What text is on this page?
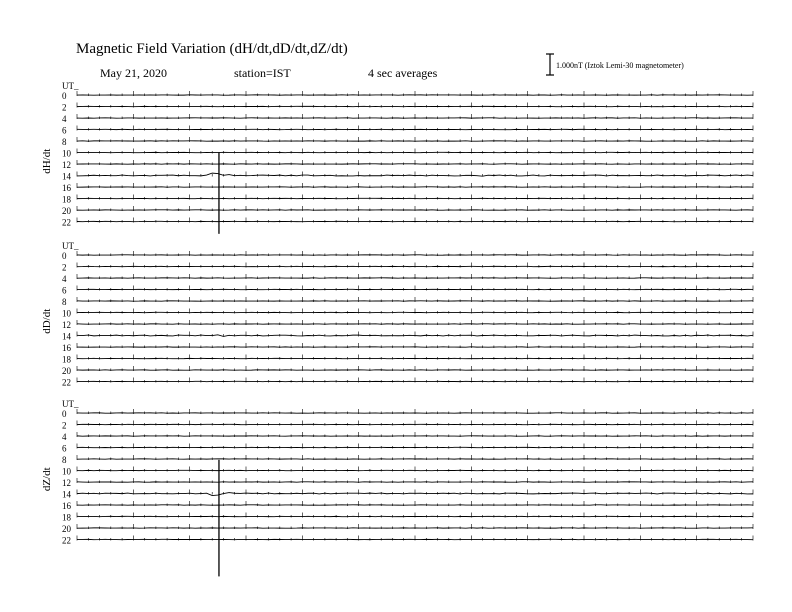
Magnetic Field Variation (dH/dt,dD/dt,dZ/dt)
May 21, 2020	station=IST	4 sec averages
1.000nT (Iztok Lemi-30 magnetometer)
UT_
dH/dt
0
2
4
6
8
10
12
14
16
18
20
22
UT_
dD/dt
0
2
4
6
8
10
12
14
16
18
20
22
UT_
dZ/dt
0
2
4
6
8
10
12
14
16
18
20
22
